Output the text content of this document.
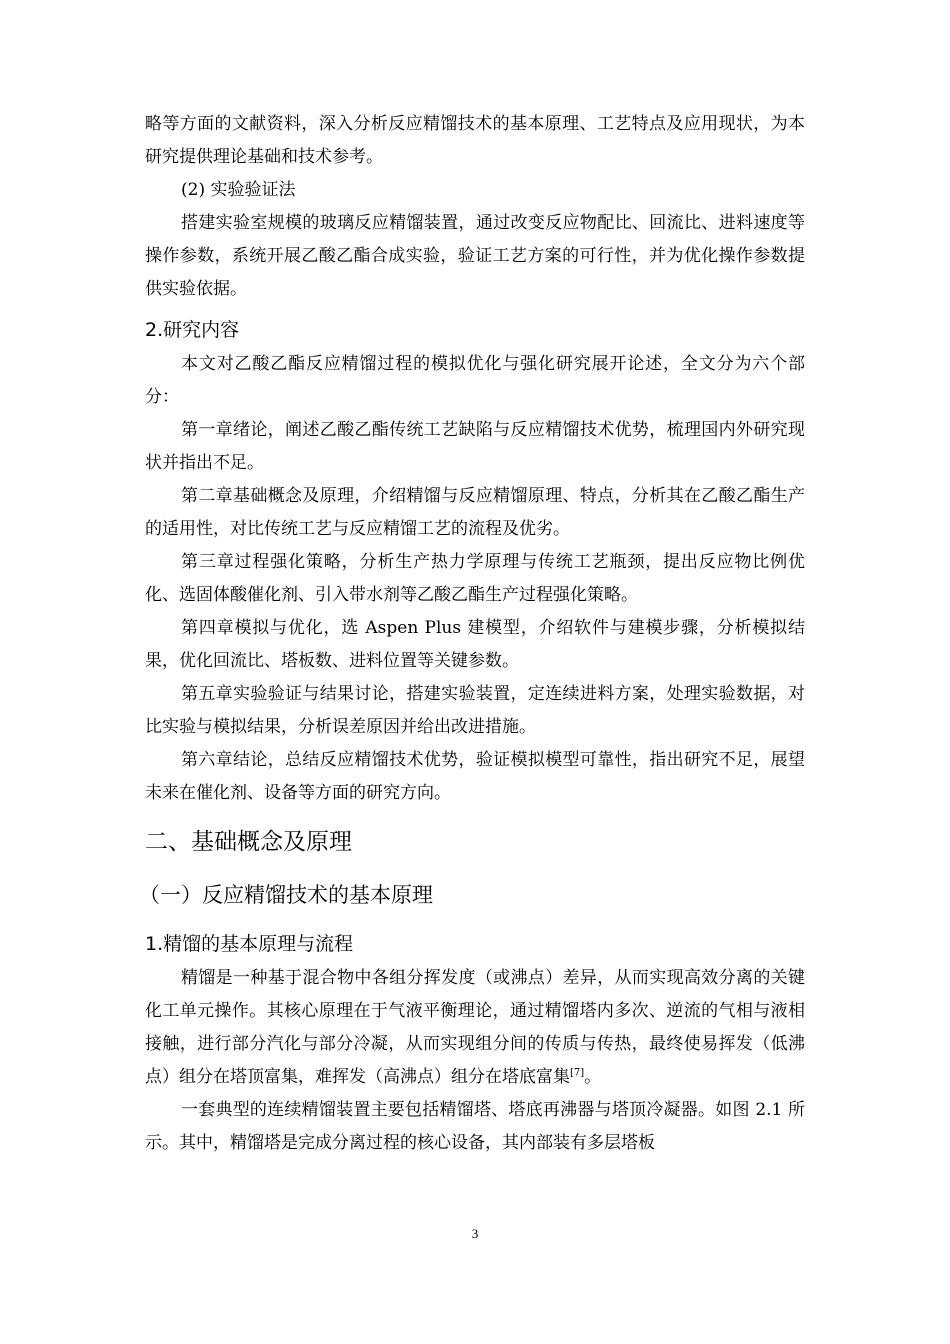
略等方面的文献资料，深入分析反应精馏技术的基本原理、工艺特点及应用现状，为本研究提供理论基础和技术参考。

(2) 实验验证法

搭建实验室规模的玻璃反应精馏装置，通过改变反应物配比、回流比、进料速度等操作参数，系统开展乙酸乙酯合成实验，验证工艺方案的可行性，并为优化操作参数提供实验依据。

2.研究内容

本文对乙酸乙酯反应精馏过程的模拟优化与强化研究展开论述，全文分为六个部分：

第一章绪论，阐述乙酸乙酯传统工艺缺陷与反应精馏技术优势，梳理国内外研究现状并指出不足。

第二章基础概念及原理，介绍精馏与反应精馏原理、特点，分析其在乙酸乙酯生产的适用性，对比传统工艺与反应精馏工艺的流程及优劣。

第三章过程强化策略，分析生产热力学原理与传统工艺瓶颈，提出反应物比例优化、选固体酸催化剂、引入带水剂等乙酸乙酯生产过程强化策略。

第四章模拟与优化，选 Aspen Plus 建模型，介绍软件与建模步骤，分析模拟结果，优化回流比、塔板数、进料位置等关键参数。

第五章实验验证与结果讨论，搭建实验装置，定连续进料方案，处理实验数据，对比实验与模拟结果，分析误差原因并给出改进措施。

第六章结论，总结反应精馏技术优势，验证模拟模型可靠性，指出研究不足，展望未来在催化剂、设备等方面的研究方向。

二、基础概念及原理
（一）反应精馏技术的基本原理
1.精馏的基本原理与流程

精馏是一种基于混合物中各组分挥发度（或沸点）差异，从而实现高效分离的关键化工单元操作。其核心原理在于气液平衡理论，通过精馏塔内多次、逆流的气相与液相接触，进行部分汽化与部分冷凝，从而实现组分间的传质与传热，最终使易挥发（低沸点）组分在塔顶富集，难挥发（高沸点）组分在塔底富集[7]。

一套典型的连续精馏装置主要包括精馏塔、塔底再沸器与塔顶冷凝器。如图 2.1 所示。其中，精馏塔是完成分离过程的核心设备，其内部装有多层塔板

3
